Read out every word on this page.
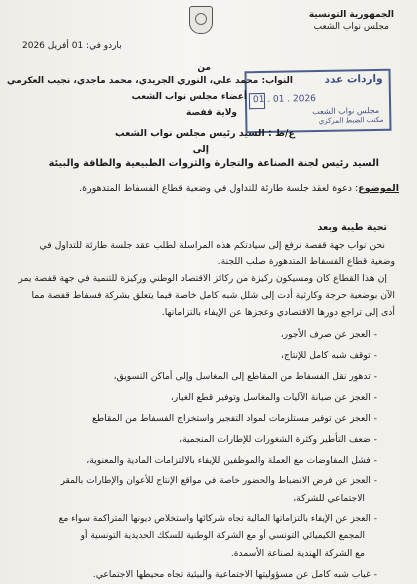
الجمهورية التونسية
مجلس نواب الشعب
باردو في: 01 أفريل 2026
واردات عدد
01 . 01 . 2026
مجلس نواب الشعب
مكتب الضبط المركزي
من
النواب: محمد علي، النوري الجريدي، محمد ماجدي، نجيب العكرمي
أعضاء مجلس نواب الشعب
ولاية قفصة
ع/ط : السيد رئيس مجلس نواب الشعب
إلى
السيد رئيس لجنة الصناعة والتجارة والثروات الطبيعية والطاقة والبيئة
الموضوع: دعوة لعقد جلسة طارئة للتداول في وضعية قطاع الفسفاط المتدهورة.
تحية طيبة وبعد
نحن نواب جهة قفصة نرفع إلى سيادتكم هذه المراسلة لطلب عقد جلسة طارئة للتداول في
وضعية قطاع الفسفاط المتدهورة صلب اللجنة.
إن هذا القطاع كان ومسيكون ركيزة من ركائز الاقتصاد الوطني وركيزة للتنمية في جهة قفصة يمر
الآن بوضعية حرجة وكارثية أدت إلى شلل شبه كامل خاصة فيما يتعلق بشركة فسفاط قفصة مما
أدى إلى تراجع دورها الاقتصادي وعجزها عن الإيفاء بالتزاماتها.
- العجز عن صرف الأجور،
- توقف شبه كامل للإنتاج،
- تدهور نقل الفسفاط من المقاطع إلى المغاسل وإلى أماكن التسويق،
- العجز عن صيانة الآليات والمغاسل وتوفير قطع الغيار،
- العجز عن توفير مستلزمات لمواد التفجير واستخراج الفسفاط من المقاطع
- ضعف التأطير وكثرة الشغورات للإطارات المنجمية،
- فشل المفاوضات مع العملة والموظفين للإيفاء بالالتزامات المادية والمعنوية،
- العجز عن فرض الانضباط والحضور خاصة في مواقع الإنتاج للأعوان والإطارات بالمقر
الاجتماعي للشركة،
- العجز عن الإيفاء بالتزاماتها المالية تجاه شركائها واستخلاص ديونها المتراكمة سواء مع
المجمع الكيميائي التونسي أو مع الشركة الوطنية للسكك الحديدية التونسية أو
مع الشركة الهندية لصناعة الأسمدة.
- غياب شبه كامل عن مسؤوليتها الاجتماعية والبيئية تجاه محيطها الاجتماعي.
